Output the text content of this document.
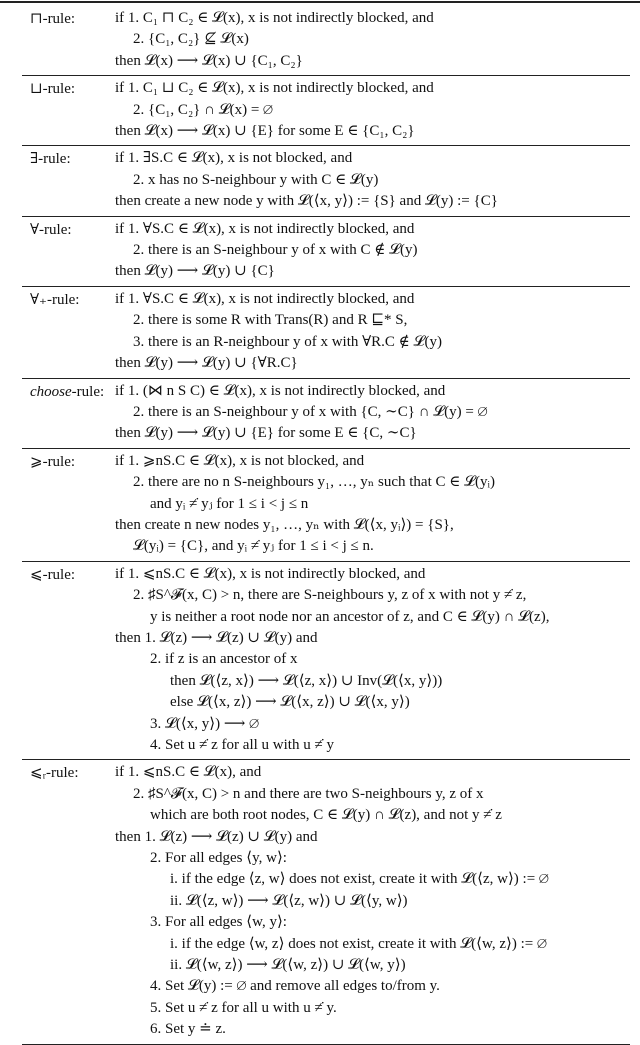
⊓-rule:	if 1. C₁ ⊓ C₂ ∈ 𝓛(x), x is not indirectly blocked, and
2. {C₁, C₂} ⊈ 𝓛(x)
then 𝓛(x) ⟶ 𝓛(x) ∪ {C₁, C₂}
⊔-rule:	if 1. C₁ ⊔ C₂ ∈ 𝓛(x), x is not indirectly blocked, and
2. {C₁, C₂} ∩ 𝓛(x) = ∅
then 𝓛(x) ⟶ 𝓛(x) ∪ {E} for some E ∈ {C₁, C₂}
∃-rule:	if 1. ∃S.C ∈ 𝓛(x), x is not blocked, and
2. x has no S-neighbour y with C ∈ 𝓛(y)
then create a new node y with 𝓛(⟨x, y⟩) := {S} and 𝓛(y) := {C}
∀-rule:	if 1. ∀S.C ∈ 𝓛(x), x is not indirectly blocked, and
2. there is an S-neighbour y of x with C ∉ 𝓛(y)
then 𝓛(y) ⟶ 𝓛(y) ∪ {C}
∀₊-rule:	if 1. ∀S.C ∈ 𝓛(x), x is not indirectly blocked, and
2. there is some R with Trans(R) and R ⊑* S,
3. there is an R-neighbour y of x with ∀R.C ∉ 𝓛(y)
then 𝓛(y) ⟶ 𝓛(y) ∪ {∀R.C}
choose-rule: if 1. (⋈ n S C) ∈ 𝓛(x), x is not indirectly blocked, and
2. there is an S-neighbour y of x with {C, ∼C} ∩ 𝓛(y) = ∅
then 𝓛(y) ⟶ 𝓛(y) ∪ {E} for some E ∈ {C, ∼C}
⩾-rule:	if 1. ⩾nS.C ∈ 𝓛(x), x is not blocked, and
2. there are no n S-neighbours y₁, …, yₙ such that C ∈ 𝓛(yᵢ)
and yᵢ ≠̇ yⱼ for 1 ≤ i < j ≤ n
then create n new nodes y₁, …, yₙ with 𝓛(⟨x, yᵢ⟩) = {S},
𝓛(yᵢ) = {C}, and yᵢ ≠̇ yⱼ for 1 ≤ i < j ≤ n.
⩽-rule:	if 1. ⩽nS.C ∈ 𝓛(x), x is not indirectly blocked, and
2. ♯S^𝓕(x, C) > n, there are S-neighbours y, z of x with not y ≠̇ z,
y is neither a root node nor an ancestor of z, and C ∈ 𝓛(y) ∩ 𝓛(z),
then 1. 𝓛(z) ⟶ 𝓛(z) ∪ 𝓛(y) and
2. if z is an ancestor of x
then 𝓛(⟨z, x⟩) ⟶ 𝓛(⟨z, x⟩) ∪ Inv(𝓛(⟨x, y⟩))
else 𝓛(⟨x, z⟩) ⟶ 𝓛(⟨x, z⟩) ∪ 𝓛(⟨x, y⟩)
3. 𝓛(⟨x, y⟩) ⟶ ∅
4. Set u ≠̇ z for all u with u ≠̇ y
⩽ᵣ-rule:	if 1. ⩽nS.C ∈ 𝓛(x), and
2. ♯S^𝓕(x, C) > n and there are two S-neighbours y, z of x
which are both root nodes, C ∈ 𝓛(y) ∩ 𝓛(z), and not y ≠̇ z
then 1. 𝓛(z) ⟶ 𝓛(z) ∪ 𝓛(y) and
2. For all edges ⟨y, w⟩:
i. if the edge ⟨z, w⟩ does not exist, create it with 𝓛(⟨z, w⟩) := ∅
ii. 𝓛(⟨z, w⟩) ⟶ 𝓛(⟨z, w⟩) ∪ 𝓛(⟨y, w⟩)
3. For all edges ⟨w, y⟩:
i. if the edge ⟨w, z⟩ does not exist, create it with 𝓛(⟨w, z⟩) := ∅
ii. 𝓛(⟨w, z⟩) ⟶ 𝓛(⟨w, z⟩) ∪ 𝓛(⟨w, y⟩)
4. Set 𝓛(y) := ∅ and remove all edges to/from y.
5. Set u ≠̇ z for all u with u ≠̇ y.
6. Set y ≐ z.
